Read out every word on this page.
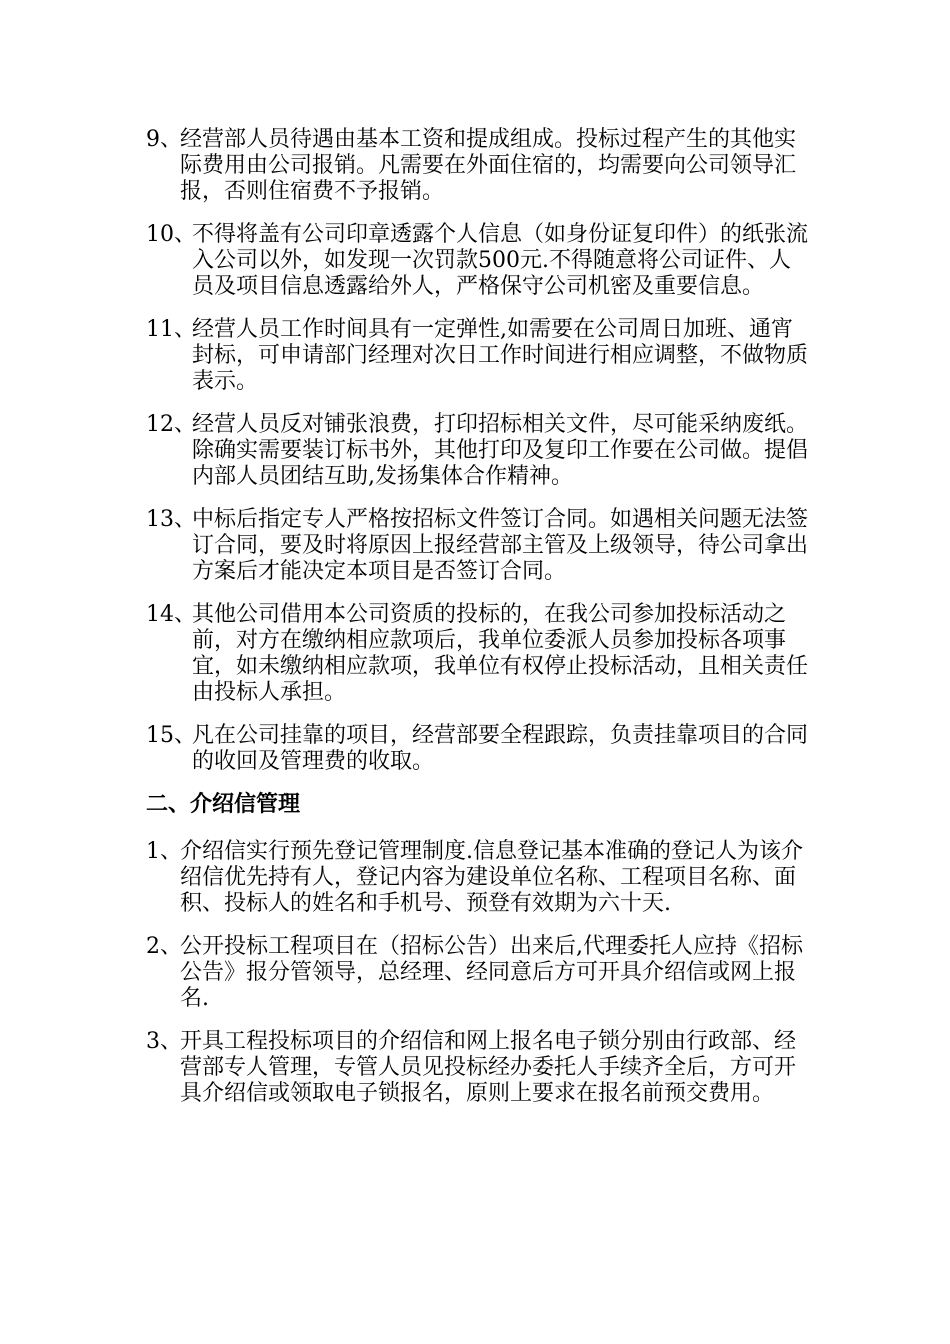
9、
经营部人员待遇由基本工资和提成组成。投标过程产生的其他实际费用由公司报销。凡需要在外面住宿的，均需要向公司领导汇报，否则住宿费不予报销。
10、
不得将盖有公司印章透露个人信息（如身份证复印件）的纸张流入公司以外，如发现一次罚款500元.不得随意将公司证件、人员及项目信息透露给外人，严格保守公司机密及重要信息。
11、
经营人员工作时间具有一定弹性,如需要在公司周日加班、通宵封标，可申请部门经理对次日工作时间进行相应调整，不做物质表示。
12、
经营人员反对铺张浪费，打印招标相关文件，尽可能采纳废纸。除确实需要装订标书外，其他打印及复印工作要在公司做。提倡内部人员团结互助,发扬集体合作精神。
13、
中标后指定专人严格按招标文件签订合同。如遇相关问题无法签订合同，要及时将原因上报经营部主管及上级领导，待公司拿出方案后才能决定本项目是否签订合同。
14、
其他公司借用本公司资质的投标的，在我公司参加投标活动之前，对方在缴纳相应款项后，我单位委派人员参加投标各项事宜，如未缴纳相应款项，我单位有权停止投标活动，且相关责任由投标人承担。
15、
凡在公司挂靠的项目，经营部要全程跟踪，负责挂靠项目的合同的收回及管理费的收取。
二、介绍信管理
1、
介绍信实行预先登记管理制度.信息登记基本准确的登记人为该介绍信优先持有人，登记内容为建设单位名称、工程项目名称、面积、投标人的姓名和手机号、预登有效期为六十天.
2、
公开投标工程项目在（招标公告）出来后,代理委托人应持《招标公告》报分管领导，总经理、经同意后方可开具介绍信或网上报名.
3、
开具工程投标项目的介绍信和网上报名电子锁分别由行政部、经营部专人管理，专管人员见投标经办委托人手续齐全后，方可开具介绍信或领取电子锁报名，原则上要求在报名前预交费用。
